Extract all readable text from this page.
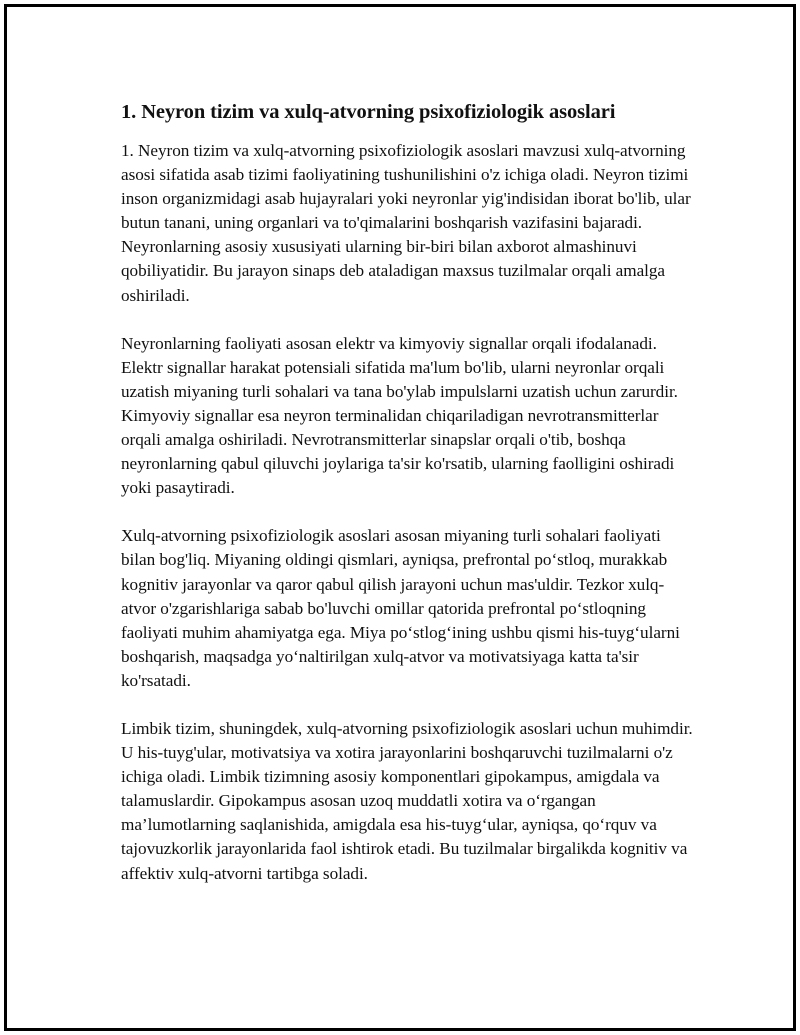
1. Neyron tizim va xulq-atvorning psixofiziologik asoslari

1. Neyron tizim va xulq-atvorning psixofiziologik asoslari mavzusi xulq-atvorning asosi sifatida asab tizimi faoliyatining tushunilishini o'z ichiga oladi. Neyron tizimi inson organizmidagi asab hujayralari yoki neyronlar yig'indisidan iborat bo'lib, ular butun tanani, uning organlari va to'qimalarini boshqarish vazifasini bajaradi. Neyronlarning asosiy xususiyati ularning bir-biri bilan axborot almashinuvi qobiliyatidir. Bu jarayon sinaps deb ataladigan maxsus tuzilmalar orqali amalga oshiriladi.

Neyronlarning faoliyati asosan elektr va kimyoviy signallar orqali ifodalanadi. Elektr signallar harakat potensiali sifatida ma'lum bo'lib, ularni neyronlar orqali uzatish miyaning turli sohalari va tana bo'ylab impulslarni uzatish uchun zarurdir. Kimyoviy signallar esa neyron terminalidan chiqariladigan nevrotransmitterlar orqali amalga oshiriladi. Nevrotransmitterlar sinapslar orqali o'tib, boshqa neyronlarning qabul qiluvchi joylariga ta'sir ko'rsatib, ularning faolligini oshiradi yoki pasaytiradi.

Xulq-atvorning psixofiziologik asoslari asosan miyaning turli sohalari faoliyati bilan bog'liq. Miyaning oldingi qismlari, ayniqsa, prefrontal po‘stloq, murakkab kognitiv jarayonlar va qaror qabul qilish jarayoni uchun mas'uldir. Tezkor xulq-atvor o'zgarishlariga sabab bo'luvchi omillar qatorida prefrontal po‘stloqning faoliyati muhim ahamiyatga ega. Miya po‘stlog‘ining ushbu qismi his-tuyg‘ularni boshqarish, maqsadga yo‘naltirilgan xulq-atvor va motivatsiyaga katta ta'sir ko'rsatadi.

Limbik tizim, shuningdek, xulq-atvorning psixofiziologik asoslari uchun muhimdir. U his-tuyg'ular, motivatsiya va xotira jarayonlarini boshqaruvchi tuzilmalarni o'z ichiga oladi. Limbik tizimning asosiy komponentlari gipokampus, amigdala va talamuslardir. Gipokampus asosan uzoq muddatli xotira va o‘rgangan ma’lumotlarning saqlanishida, amigdala esa his-tuyg‘ular, ayniqsa, qo‘rquv va tajovuzkorlik jarayonlarida faol ishtirok etadi. Bu tuzilmalar birgalikda kognitiv va affektiv xulq-atvorni tartibga soladi.
